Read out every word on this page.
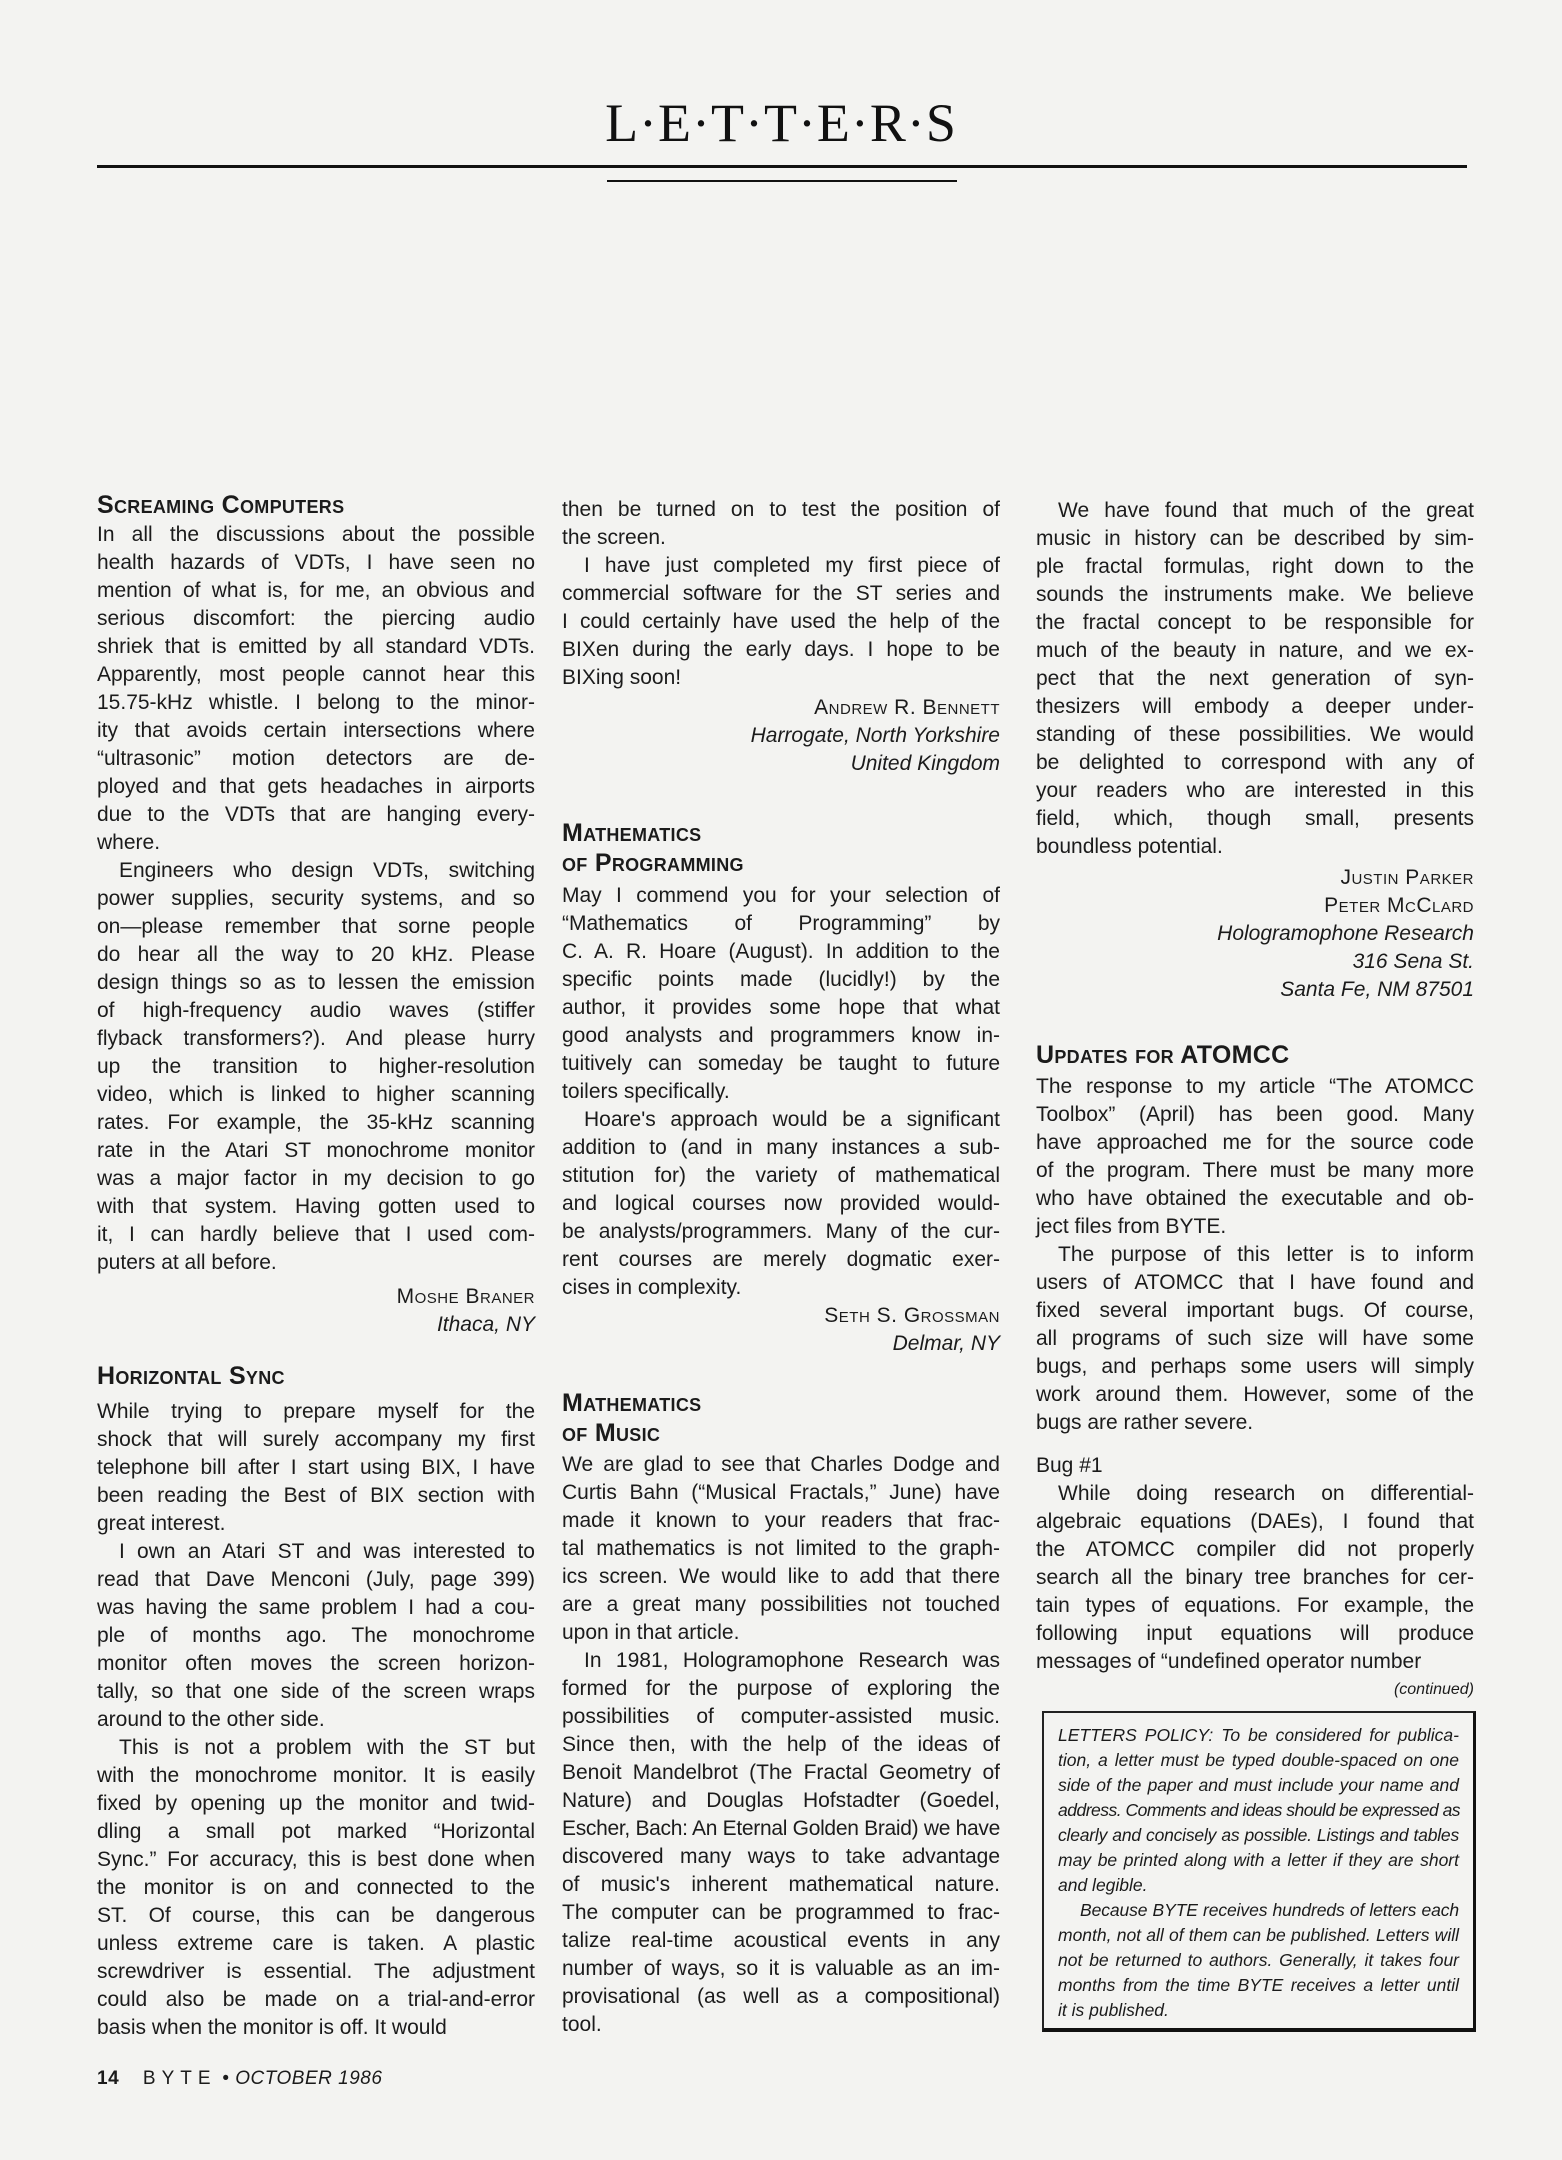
L·E·T·T·E·R·S
Screaming Computers
In all the discussions about the possible
health hazards of VDTs, I have seen no
mention of what is, for me, an obvious and
serious discomfort: the piercing audio
shriek that is emitted by all standard VDTs.
Apparently, most people cannot hear this
15.75-kHz whistle. I belong to the minor-
ity that avoids certain intersections where
“ultrasonic” motion detectors are de-
ployed and that gets headaches in airports
due to the VDTs that are hanging every-
where.
Engineers who design VDTs, switching
power supplies, security systems, and so
on—please remember that sorne people
do hear all the way to 20 kHz. Please
design things so as to lessen the emission
of high-frequency audio waves (stiffer
flyback transformers?). And please hurry
up the transition to higher-resolution
video, which is linked to higher scanning
rates. For example, the 35-kHz scanning
rate in the Atari ST monochrome monitor
was a major factor in my decision to go
with that system. Having gotten used to
it, I can hardly believe that I used com-
puters at all before.
Moshe Braner
Ithaca, NY
Horizontal Sync
While trying to prepare myself for the
shock that will surely accompany my first
telephone bill after I start using BIX, I have
been reading the Best of BIX section with
great interest.
I own an Atari ST and was interested to
read that Dave Menconi (July, page 399)
was having the same problem I had a cou-
ple of months ago. The monochrome
monitor often moves the screen horizon-
tally, so that one side of the screen wraps
around to the other side.
This is not a problem with the ST but
with the monochrome monitor. It is easily
fixed by opening up the monitor and twid-
dling a small pot marked “Horizontal
Sync.” For accuracy, this is best done when
the monitor is on and connected to the
ST. Of course, this can be dangerous
unless extreme care is taken. A plastic
screwdriver is essential. The adjustment
could also be made on a trial-and-error
basis when the monitor is off. It would
then be turned on to test the position of
the screen.
I have just completed my first piece of
commercial software for the ST series and
I could certainly have used the help of the
BIXen during the early days. I hope to be
BIXing soon!
Andrew R. Bennett
Harrogate, North Yorkshire
United Kingdom
Mathematics
of Programming
May I commend you for your selection of
“Mathematics of Programming” by
C. A. R. Hoare (August). In addition to the
specific points made (lucidly!) by the
author, it provides some hope that what
good analysts and programmers know in-
tuitively can someday be taught to future
toilers specifically.
Hoare's approach would be a significant
addition to (and in many instances a sub-
stitution for) the variety of mathematical
and logical courses now provided would-
be analysts/programmers. Many of the cur-
rent courses are merely dogmatic exer-
cises in complexity.
Seth S. Grossman
Delmar, NY
Mathematics
of Music
We are glad to see that Charles Dodge and
Curtis Bahn (“Musical Fractals,” June) have
made it known to your readers that frac-
tal mathematics is not limited to the graph-
ics screen. We would like to add that there
are a great many possibilities not touched
upon in that article.
In 1981, Hologramophone Research was
formed for the purpose of exploring the
possibilities of computer-assisted music.
Since then, with the help of the ideas of
Benoit Mandelbrot (The Fractal Geometry of
Nature) and Douglas Hofstadter (Goedel,
Escher, Bach: An Eternal Golden Braid) we have
discovered many ways to take advantage
of music's inherent mathematical nature.
The computer can be programmed to frac-
talize real-time acoustical events in any
number of ways, so it is valuable as an im-
provisational (as well as a compositional)
tool.
We have found that much of the great
music in history can be described by sim-
ple fractal formulas, right down to the
sounds the instruments make. We believe
the fractal concept to be responsible for
much of the beauty in nature, and we ex-
pect that the next generation of syn-
thesizers will embody a deeper under-
standing of these possibilities. We would
be delighted to correspond with any of
your readers who are interested in this
field, which, though small, presents
boundless potential.
Justin Parker
Peter McClard
Hologramophone Research
316 Sena St.
Santa Fe, NM 87501
Updates for ATOMCC
The response to my article “The ATOMCC
Toolbox” (April) has been good. Many
have approached me for the source code
of the program. There must be many more
who have obtained the executable and ob-
ject files from BYTE.
The purpose of this letter is to inform
users of ATOMCC that I have found and
fixed several important bugs. Of course,
all programs of such size will have some
bugs, and perhaps some users will simply
work around them. However, some of the
bugs are rather severe.
Bug #1
While doing research on differential-
algebraic equations (DAEs), I found that
the ATOMCC compiler did not properly
search all the binary tree branches for cer-
tain types of equations. For example, the
following input equations will produce
messages of “undefined operator number
(continued)
LETTERS POLICY: To be considered for publica-
tion, a letter must be typed double-spaced on one
side of the paper and must include your name and
address. Comments and ideas should be expressed as
clearly and concisely as possible. Listings and tables
may be printed along with a letter if they are short
and legible.
Because BYTE receives hundreds of letters each
month, not all of them can be published. Letters will
not be returned to authors. Generally, it takes four
months from the time BYTE receives a letter until
it is published.
14 BYTE • OCTOBER 1986
